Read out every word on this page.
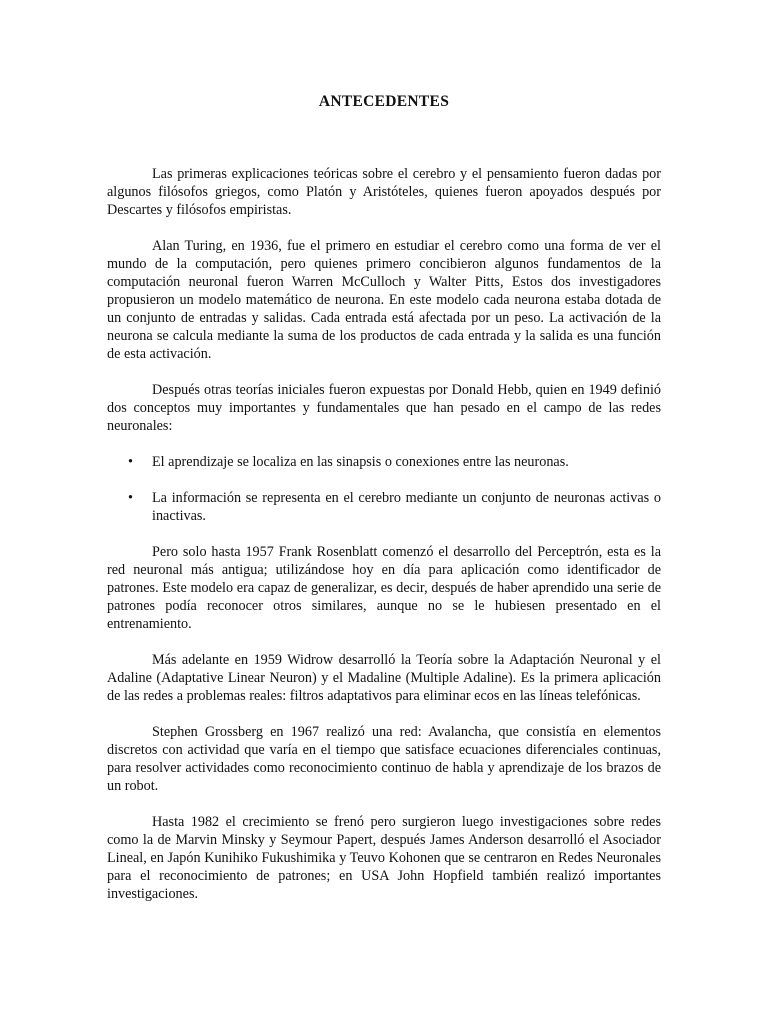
ANTECEDENTES

Las primeras explicaciones teóricas sobre el cerebro y el pensamiento fueron dadas por algunos filósofos griegos, como Platón y Aristóteles, quienes fueron apoyados después por Descartes y filósofos empiristas.

Alan Turing, en 1936, fue el primero en estudiar el cerebro como una forma de ver el mundo de la computación, pero quienes primero concibieron algunos fundamentos de la computación neuronal fueron Warren McCulloch y Walter Pitts, Estos dos investigadores propusieron un modelo matemático de neurona. En este modelo cada neurona estaba dotada de un conjunto de entradas y salidas. Cada entrada está afectada por un peso. La activación de la neurona se calcula mediante la suma de los productos de cada entrada y la salida es una función de esta activación.

Después otras teorías iniciales fueron expuestas por Donald Hebb, quien en 1949 definió dos conceptos muy importantes y fundamentales que han pesado en el campo de las redes neuronales:

• El aprendizaje se localiza en las sinapsis o conexiones entre las neuronas.
• La información se representa en el cerebro mediante un conjunto de neuronas activas o inactivas.

Pero solo hasta 1957 Frank Rosenblatt comenzó el desarrollo del Perceptrón, esta es la red neuronal más antigua; utilizándose hoy en día para aplicación como identificador de patrones. Este modelo era capaz de generalizar, es decir, después de haber aprendido una serie de patrones podía reconocer otros similares, aunque no se le hubiesen presentado en el entrenamiento.

Más adelante en 1959 Widrow desarrolló la Teoría sobre la Adaptación Neuronal y el Adaline (Adaptative Linear Neuron) y el Madaline (Multiple Adaline). Es la primera aplicación de las redes a problemas reales: filtros adaptativos para eliminar ecos en las líneas telefónicas.

Stephen Grossberg en 1967 realizó una red: Avalancha, que consistía en elementos discretos con actividad que varía en el tiempo que satisface ecuaciones diferenciales continuas, para resolver actividades como reconocimiento continuo de habla y aprendizaje de los brazos de un robot.

Hasta 1982 el crecimiento se frenó pero surgieron luego investigaciones sobre redes como la de Marvin Minsky y Seymour Papert, después James Anderson desarrolló el Asociador Lineal, en Japón Kunihiko Fukushimika y Teuvo Kohonen que se centraron en Redes Neuronales para el reconocimiento de patrones; en USA John Hopfield también realizó importantes investigaciones.
